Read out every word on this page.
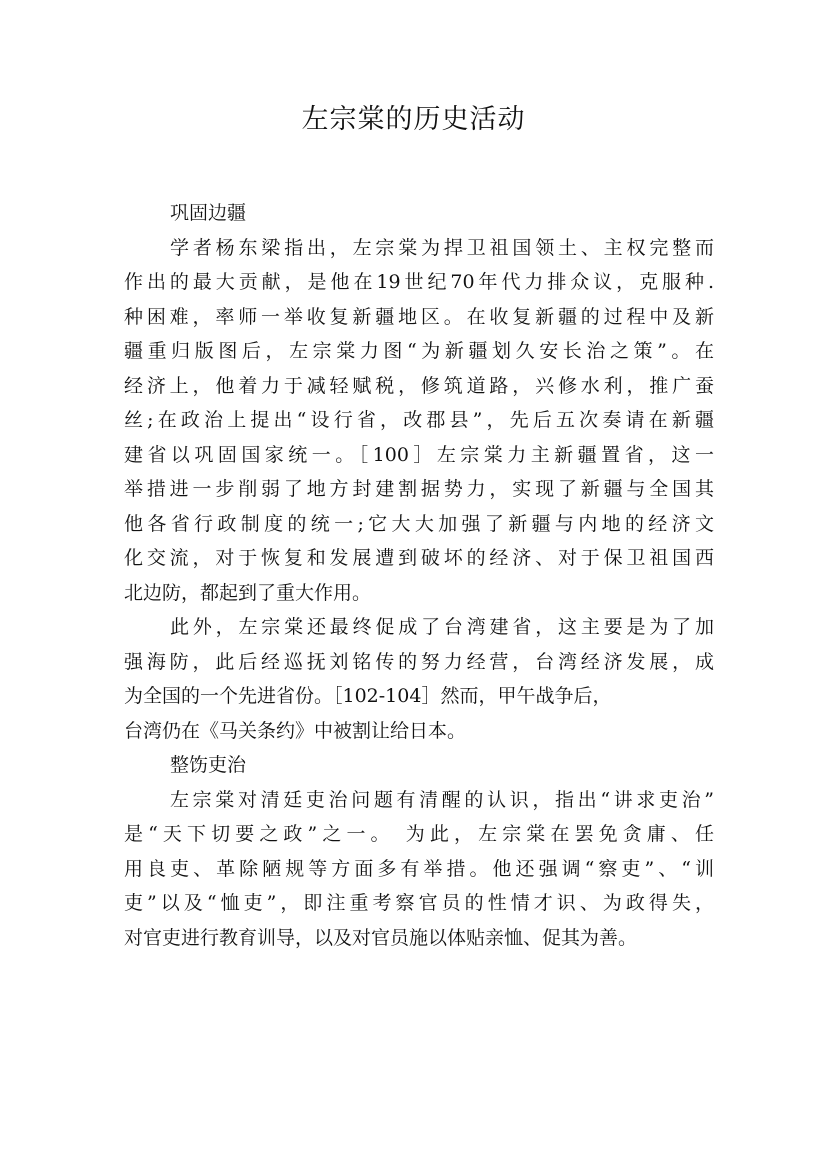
左宗棠的历史活动
巩固边疆
学者杨东梁指出，左宗棠为捍卫祖国领土、主权完整而
作出的最大贡献，是他在19世纪70年代力排众议，克服种.
种困难，率师一举收复新疆地区。在收复新疆的过程中及新
疆重归版图后，左宗棠力图“为新疆划久安长治之策”。在
经济上，他着力于减轻赋税，修筑道路，兴修水利，推广蚕
丝;在政治上提出“设行省，改郡县”，先后五次奏请在新疆
建省以巩固国家统一。［100］左宗棠力主新疆置省，这一
举措进一步削弱了地方封建割据势力，实现了新疆与全国其
他各省行政制度的统一;它大大加强了新疆与内地的经济文
化交流，对于恢复和发展遭到破坏的经济、对于保卫祖国西
北边防，都起到了重大作用。
此外，左宗棠还最终促成了台湾建省，这主要是为了加
强海防，此后经巡抚刘铭传的努力经营，台湾经济发展，成
为全国的一个先进省份。［102-104］然而，甲午战争后，
台湾仍在《马关条约》中被割让给日本。
整饬吏治
左宗棠对清廷吏治问题有清醒的认识，指出“讲求吏治”
是“天下切要之政”之一。 为此，左宗棠在罢免贪庸、任
用良吏、革除陋规等方面多有举措。他还强调“察吏”、“训
吏”以及“恤吏”，即注重考察官员的性情才识、为政得失，
对官吏进行教育训导，以及对官员施以体贴亲恤、促其为善。
